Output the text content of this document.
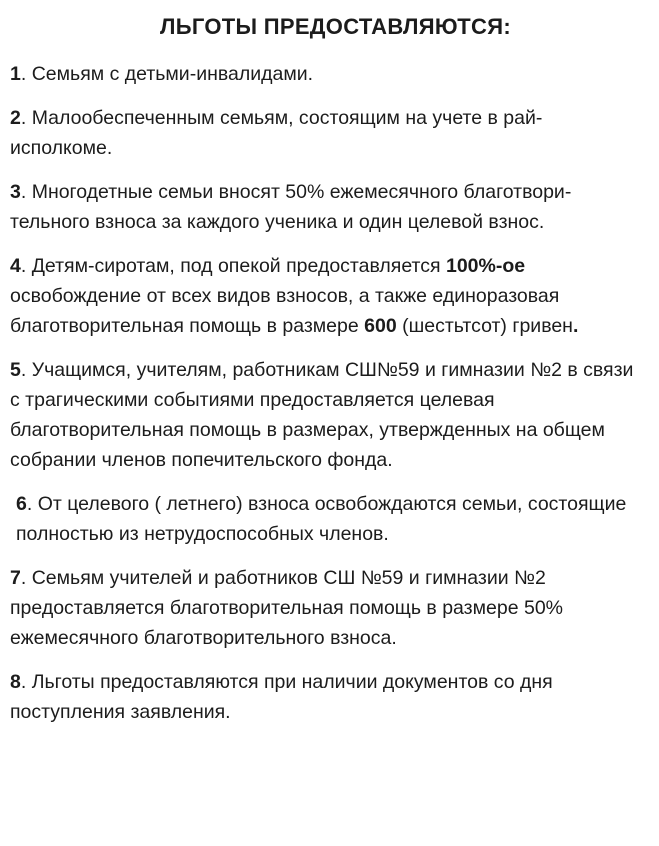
ЛЬГОТЫ ПРЕДОСТАВЛЯЮТСЯ:
1. Семьям с детьми-инвалидами.
2. Малообеспеченным семьям, состоящим на учете в рай-исполкоме.
3. Многодетные семьи вносят 50% ежемесячного благотвори-тельного взноса за каждого ученика и один целевой взнос.
4. Детям-сиротам, под опекой предоставляется 100%-ое освобождение от всех видов взносов, а также единоразовая благотворительная помощь в размере 600 (шестьтсот) гривен.
5. Учащимся, учителям, работникам СШ№59 и гимназии №2 в связи с трагическими событиями предоставляется целевая благотворительная помощь в размерах, утвержденных на общем собрании членов попечительского фонда.
6. От целевого ( летнего) взноса освобождаются семьи, состоящие полностью из нетрудоспособных членов.
7. Семьям учителей и работников СШ №59 и гимназии №2 предоставляется благотворительная помощь в размере 50% ежемесячного благотворительного взноса.
8. Льготы предоставляются при наличии документов со дня поступления заявления.
